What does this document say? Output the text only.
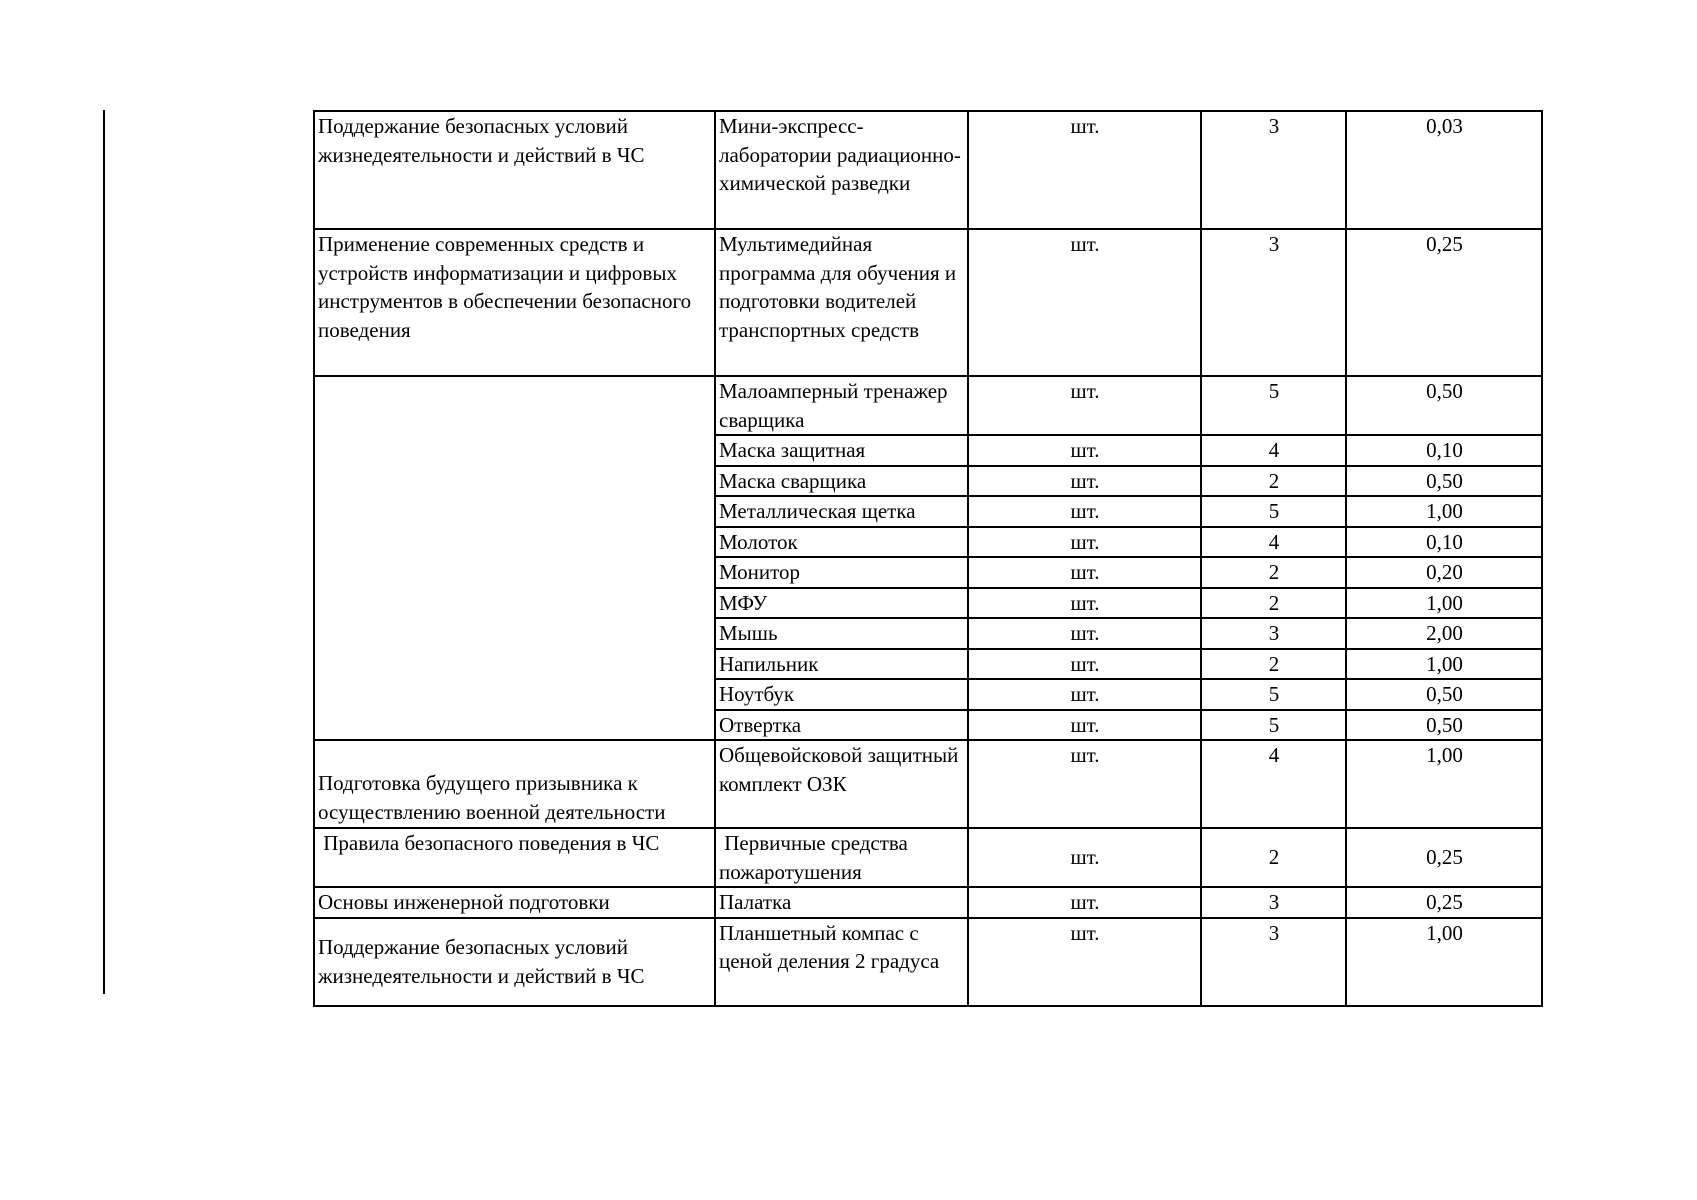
Поддержание безопасных условий жизнедеятельности и действий в ЧС	Мини-экспресс-лаборатории радиационно-химической разведки	шт.	3	0,03

Применение современных средств и устройств информатизации и цифровых инструментов в обеспечении безопасного поведения	Мультимедийная программа для обучения и подготовки водителей транспортных средств	шт.	3	0,25

	Малоамперный тренажер сварщика	шт.	5	0,50

	Маска защитная	шт.	4	0,10

	Маска сварщика	шт.	2	0,50

	Металлическая щетка	шт.	5	1,00

	Молоток	шт.	4	0,10

	Монитор	шт.	2	0,20

	МФУ	шт.	2	1,00

	Мышь	шт.	3	2,00

	Напильник	шт.	2	1,00

	Ноутбук	шт.	5	0,50

	Отвертка	шт.	5	0,50

Подготовка будущего призывника к осуществлению военной деятельности	Общевойсковой защитный комплект ОЗК	шт.	4	1,00

Правила безопасного поведения в ЧС	Первичные средства пожаротушения	шт.	2	0,25

Основы инженерной подготовки	Палатка	шт.	3	0,25

Поддержание безопасных условий жизнедеятельности и действий в ЧС	Планшетный компас с ценой деления 2 градуса	шт.	3	1,00
